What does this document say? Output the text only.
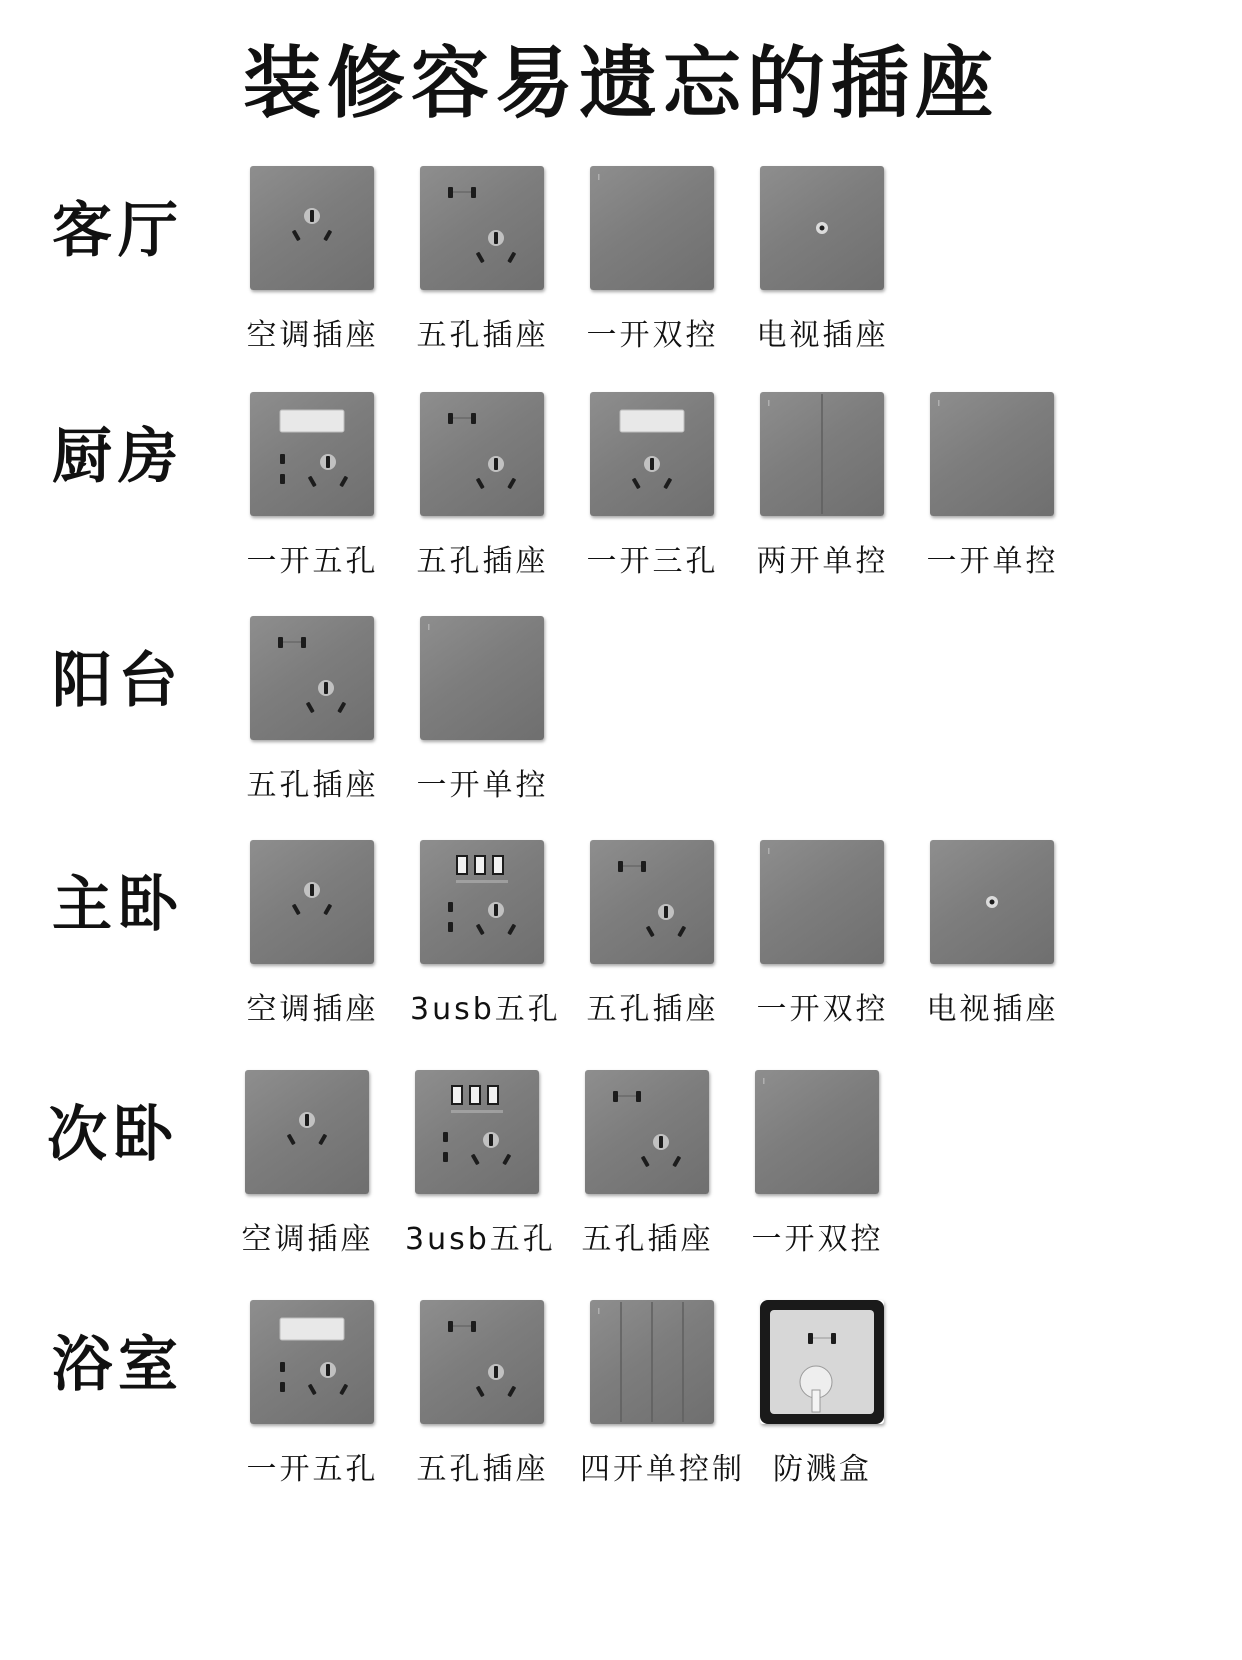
装修容易遗忘的插座
客厅
空调插座 五孔插座 一开双控 电视插座
厨房
一开五孔 五孔插座 一开三孔 两开单控 一开单控
阳台
五孔插座 一开单控
主卧
空调插座 3usb五孔 五孔插座 一开双控 电视插座
次卧
空调插座 3usb五孔 五孔插座 一开双控
浴室
一开五孔 五孔插座 四开单控制 防溅盒
